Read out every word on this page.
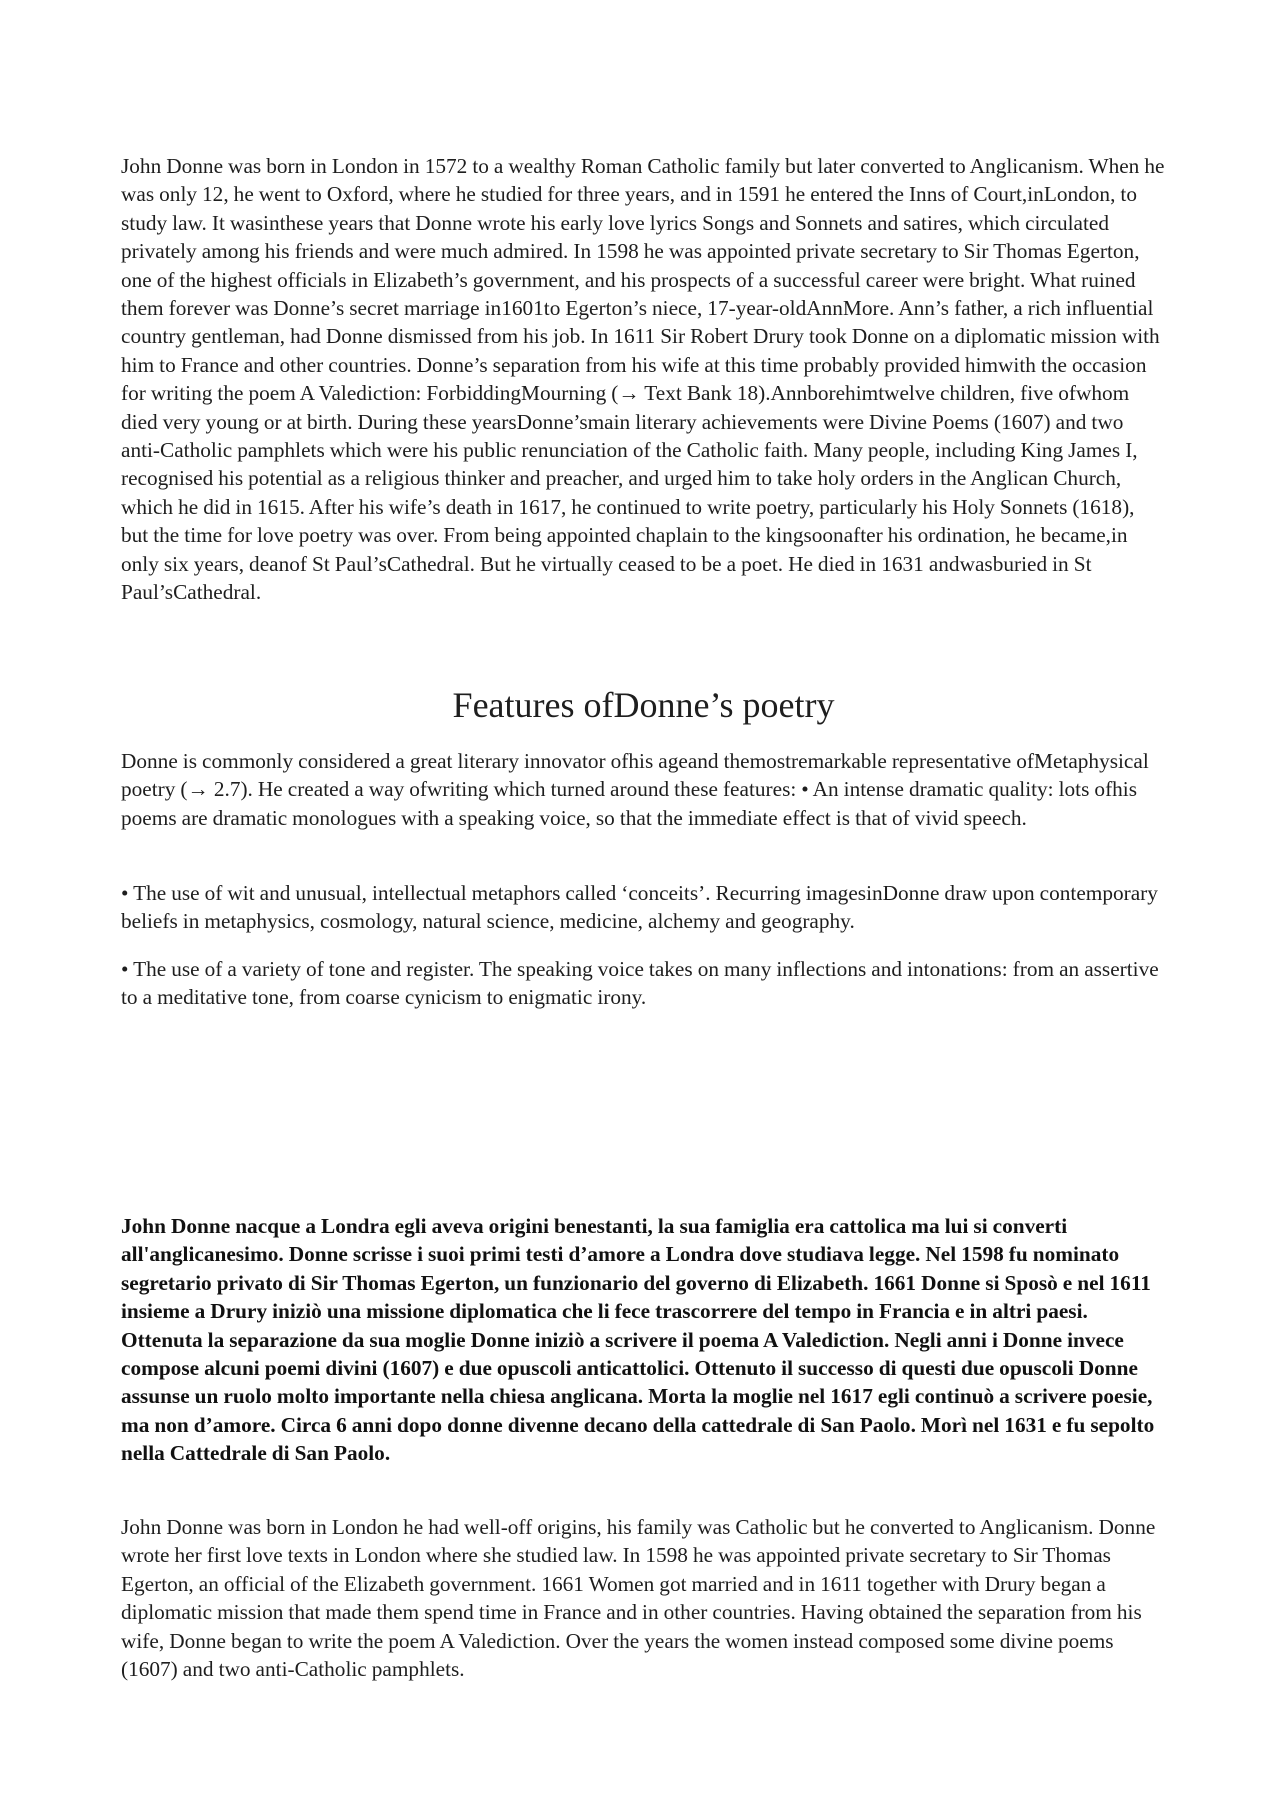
John Donne was born in London in 1572 to a wealthy Roman Catholic family but later converted to Anglicanism. When he was only 12, he went to Oxford, where he studied for three years, and in 1591 he entered the Inns of Court,inLondon, to study law. It wasinthese years that Donne wrote his early love lyrics Songs and Sonnets and satires, which circulated privately among his friends and were much admired. In 1598 he was appointed private secretary to Sir Thomas Egerton, one of the highest officials in Elizabeth’s government, and his prospects of a successful career were bright. What ruined them forever was Donne’s secret marriage in1601to Egerton’s niece, 17-year-oldAnnMore. Ann’s father, a rich influential country gentleman, had Donne dismissed from his job. In 1611 Sir Robert Drury took Donne on a diplomatic mission with him to France and other countries. Donne’s separation from his wife at this time probably provided himwith the occasion for writing the poem A Valediction: ForbiddingMourning (→ Text Bank 18).Annborehimtwelve children, five ofwhom died very young or at birth. During these yearsDonne’smain literary achievements were Divine Poems (1607) and two anti-Catholic pamphlets which were his public renunciation of the Catholic faith. Many people, including King James I, recognised his potential as a religious thinker and preacher, and urged him to take holy orders in the Anglican Church, which he did in 1615. After his wife’s death in 1617, he continued to write poetry, particularly his Holy Sonnets (1618), but the time for love poetry was over. From being appointed chaplain to the kingsoonafter his ordination, he became,in only six years, deanof St Paul’sCathedral. But he virtually ceased to be a poet. He died in 1631 andwasburied in St Paul’sCathedral.

Features ofDonne’s poetry

Donne is commonly considered a great literary innovator ofhis ageand themostremarkable representative ofMetaphysical poetry (→ 2.7). He created a way ofwriting which turned around these features: • An intense dramatic quality: lots ofhis poems are dramatic monologues with a speaking voice, so that the immediate effect is that of vivid speech.

• The use of wit and unusual, intellectual metaphors called ‘conceits’. Recurring imagesinDonne draw upon contemporary beliefs in metaphysics, cosmology, natural science, medicine, alchemy and geography.

• The use of a variety of tone and register. The speaking voice takes on many inflections and intonations: from an assertive to a meditative tone, from coarse cynicism to enigmatic irony.

John Donne nacque a Londra egli aveva origini benestanti, la sua famiglia era cattolica ma lui si converti all'anglicanesimo. Donne scrisse i suoi primi testi d’amore a Londra dove studiava legge. Nel 1598 fu nominato segretario privato di Sir Thomas Egerton, un funzionario del governo di Elizabeth. 1661 Donne si Sposò e nel 1611 insieme a Drury iniziò una missione diplomatica che li fece trascorrere del tempo in Francia e in altri paesi. Ottenuta la separazione da sua moglie Donne iniziò a scrivere il poema A Valediction. Negli anni i Donne invece compose alcuni poemi divini (1607) e due opuscoli anticattolici. Ottenuto il successo di questi due opuscoli Donne assunse un ruolo molto importante nella chiesa anglicana. Morta la moglie nel 1617 egli continuò a scrivere poesie, ma non d’amore. Circa 6 anni dopo donne divenne decano della cattedrale di San Paolo. Morì nel 1631 e fu sepolto nella Cattedrale di San Paolo.

John Donne was born in London he had well-off origins, his family was Catholic but he converted to Anglicanism. Donne wrote her first love texts in London where she studied law. In 1598 he was appointed private secretary to Sir Thomas Egerton, an official of the Elizabeth government. 1661 Women got married and in 1611 together with Drury began a diplomatic mission that made them spend time in France and in other countries. Having obtained the separation from his wife, Donne began to write the poem A Valediction. Over the years the women instead composed some divine poems (1607) and two anti-Catholic pamphlets.
